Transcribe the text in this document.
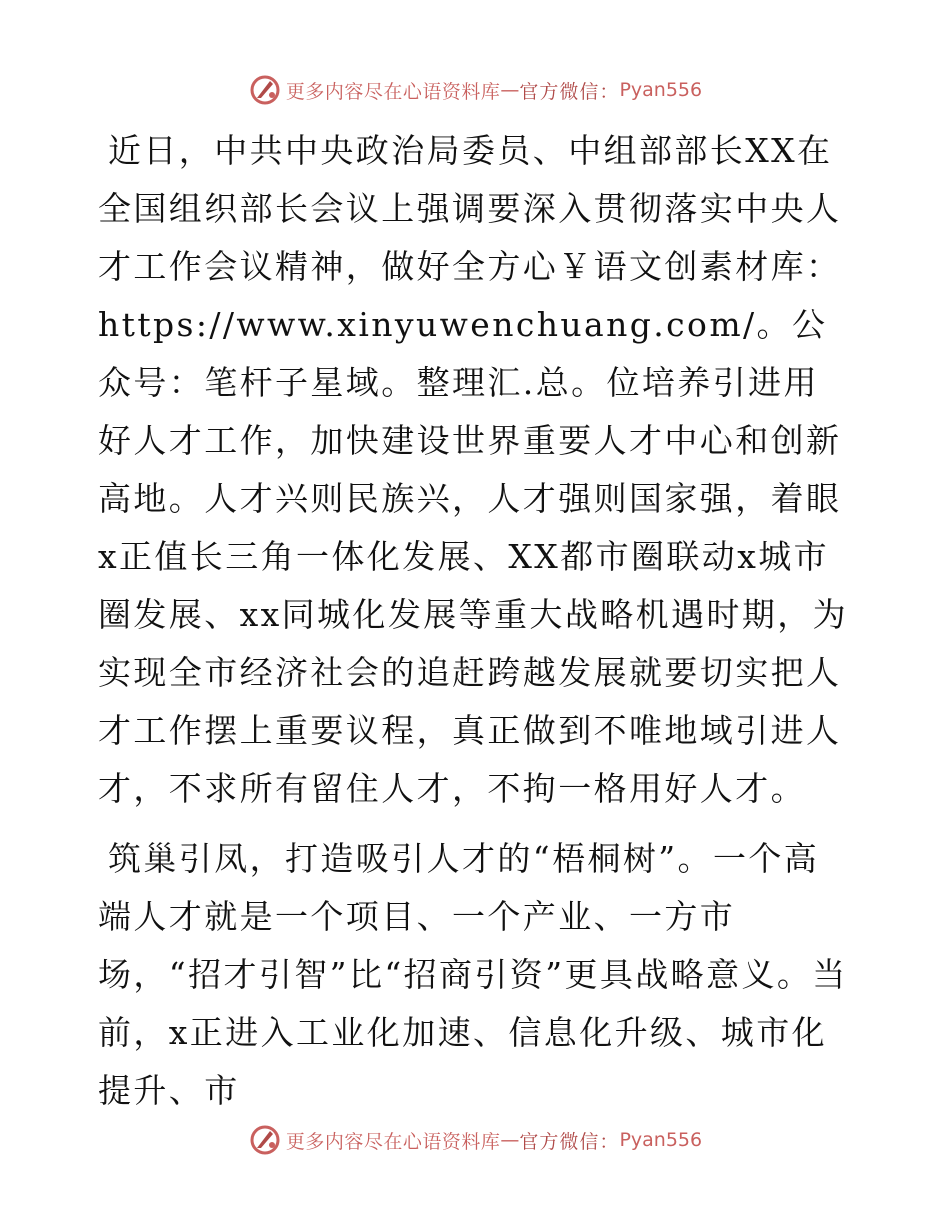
更多内容尽在心语资料库 — 官方微信： Pyan556

近日，中共中央政治局委员、中组部部长XX在全国组织部长会议上强调要深入贯彻落实中央人才工作会议精神，做好全方心￥语文创素材库：https://www.xinyuwenchuang.com/。公众号：笔杆子星域。整理汇.总。位培养引进用好人才工作，加快建设世界重要人才中心和创新高地。人才兴则民族兴，人才强则国家强，着眼x正值长三角一体化发展、XX都市圈联动x城市圈发展、xx同城化发展等重大战略机遇时期，为实现全市经济社会的追赶跨越发展就要切实把人才工作摆上重要议程，真正做到不唯地域引进人才，不求所有留住人才，不拘一格用好人才。

筑巢引凤，打造吸引人才的“梧桐树”。一个高端人才就是一个项目、一个产业、一方市场，“招才引智”比“招商引资”更具战略意义。当前，x正进入工业化加速、信息化升级、城市化提升、市

更多内容尽在心语资料库 — 官方微信： Pyan556
